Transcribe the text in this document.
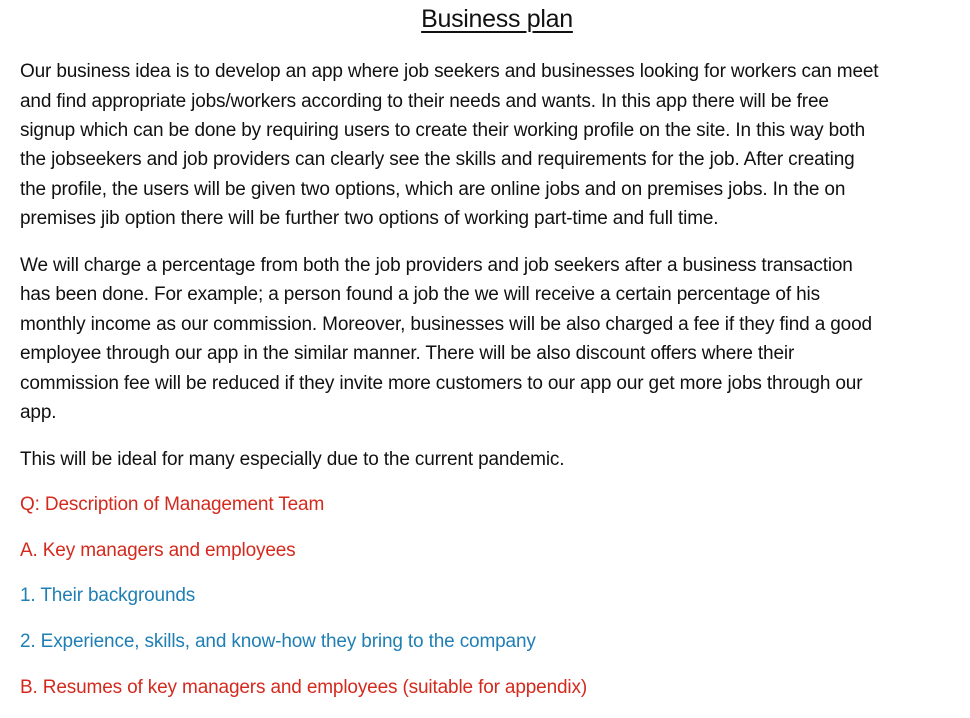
Business plan
Our business idea is to develop an app where job seekers and businesses looking for workers can meet
and find appropriate jobs/workers according to their needs and wants. In this app there will be free
signup which can be done by requiring users to create their working profile on the site. In this way both
the jobseekers and job providers can clearly see the skills and requirements for the job. After creating
the profile, the users will be given two options, which are online jobs and on premises jobs. In the on
premises jib option there will be further two options of working part-time and full time.
We will charge a percentage from both the job providers and job seekers after a business transaction
has been done. For example; a person found a job the we will receive a certain percentage of his
monthly income as our commission. Moreover, businesses will be also charged a fee if they find a good
employee through our app in the similar manner. There will be also discount offers where their
commission fee will be reduced if they invite more customers to our app our get more jobs through our
app.
This will be ideal for many especially due to the current pandemic.
Q: Description of Management Team
A. Key managers and employees
1. Their backgrounds
2. Experience, skills, and know-how they bring to the company
B. Resumes of key managers and employees (suitable for appendix)
